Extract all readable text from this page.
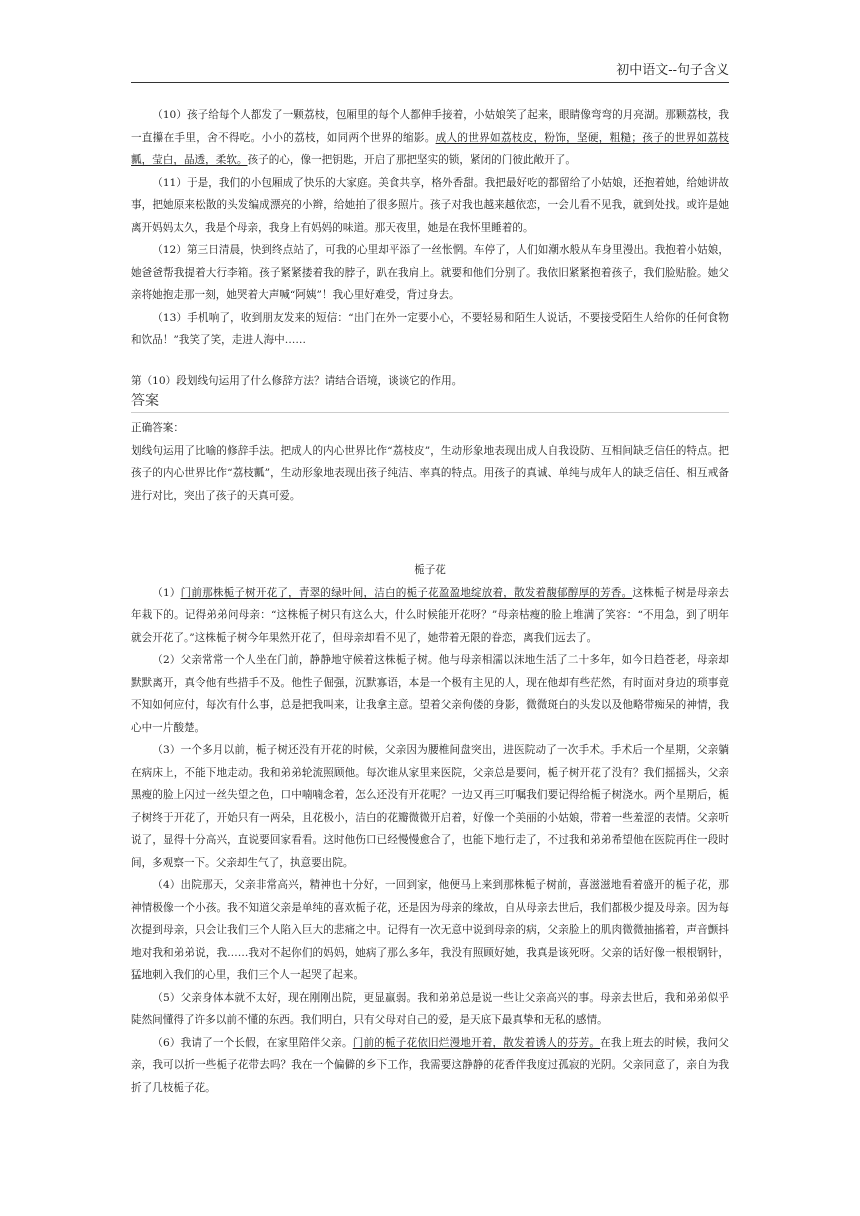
初中语文--句子含义

（10）孩子给每个人都发了一颗荔枝，包厢里的每个人都伸手接着，小姑娘笑了起来，眼睛像弯弯的月亮湖。那颗荔枝，我一直攥在手里，舍不得吃。小小的荔枝，如同两个世界的缩影。成人的世界如荔枝皮，粉饰，坚硬，粗糙；孩子的世界如荔枝瓤，莹白，晶透，柔软。孩子的心，像一把钥匙，开启了那把坚实的锁，紧闭的门彼此敞开了。

（11）于是，我们的小包厢成了快乐的大家庭。美食共享，格外香甜。我把最好吃的都留给了小姑娘，还抱着她，给她讲故事，把她原来松散的头发编成漂亮的小辫，给她拍了很多照片。孩子对我也越来越依恋，一会儿看不见我，就到处找。或许是她离开妈妈太久，我是个母亲，我身上有妈妈的味道。那天夜里，她是在我怀里睡着的。

（12）第三日清晨，快到终点站了，可我的心里却平添了一丝怅惘。车停了，人们如潮水般从车身里漫出。我抱着小姑娘，她爸爸帮我提着大行李箱。孩子紧紧搂着我的脖子，趴在我肩上。就要和他们分别了。我依旧紧紧抱着孩子，我们脸贴脸。她父亲将她抱走那一刻，她哭着大声喊“阿姨”！我心里好难受，背过身去。

（13）手机响了，收到朋友发来的短信：“出门在外一定要小心，不要轻易和陌生人说话，不要接受陌生人给你的任何食物和饮品！”我笑了笑，走进人海中……

第（10）段划线句运用了什么修辞方法？请结合语境，谈谈它的作用。

答案

正确答案：

划线句运用了比喻的修辞手法。把成人的内心世界比作“荔枝皮”，生动形象地表现出成人自我设防、互相间缺乏信任的特点。把孩子的内心世界比作“荔枝瓤”，生动形象地表现出孩子纯洁、率真的特点。用孩子的真诚、单纯与成年人的缺乏信任、相互戒备进行对比，突出了孩子的天真可爱。

栀子花

（1）门前那株栀子树开花了，青翠的绿叶间，洁白的栀子花盈盈地绽放着，散发着馥郁醇厚的芳香。这株栀子树是母亲去年栽下的。记得弟弟问母亲：“这株栀子树只有这么大，什么时候能开花呀？”母亲枯瘦的脸上堆满了笑容：“不用急，到了明年就会开花了。”这株栀子树今年果然开花了，但母亲却看不见了，她带着无限的眷恋，离我们远去了。

（2）父亲常常一个人坐在门前，静静地守候着这株栀子树。他与母亲相濡以沫地生活了二十多年，如今日趋苍老，母亲却默默离开，真令他有些措手不及。他性子倔强，沉默寡语，本是一个极有主见的人，现在他却有些茫然，有时面对身边的琐事竟不知如何应付，每次有什么事，总是把我叫来，让我拿主意。望着父亲佝偻的身影，微微斑白的头发以及他略带痴呆的神情，我心中一片酸楚。

（3）一个多月以前，栀子树还没有开花的时候，父亲因为腰椎间盘突出，进医院动了一次手术。手术后一个星期，父亲躺在病床上，不能下地走动。我和弟弟轮流照顾他。每次谁从家里来医院，父亲总是要问，栀子树开花了没有？我们摇摇头，父亲黑瘦的脸上闪过一丝失望之色，口中喃喃念着，怎么还没有开花呢？一边又再三叮嘱我们要记得给栀子树浇水。两个星期后，栀子树终于开花了，开始只有一两朵，且花极小，洁白的花瓣微微开启着，好像一个美丽的小姑娘，带着一些羞涩的表情。父亲听说了，显得十分高兴，直说要回家看看。这时他伤口已经慢慢愈合了，也能下地行走了，不过我和弟弟希望他在医院再住一段时间，多观察一下。父亲却生气了，执意要出院。

（4）出院那天，父亲非常高兴，精神也十分好，一回到家，他便马上来到那株栀子树前，喜滋滋地看着盛开的栀子花，那神情极像一个小孩。我不知道父亲是单纯的喜欢栀子花，还是因为母亲的缘故，自从母亲去世后，我们都极少提及母亲。因为每次提到母亲，只会让我们三个人陷入巨大的悲痛之中。记得有一次无意中说到母亲的病，父亲脸上的肌肉微微抽搐着，声音颤抖地对我和弟弟说，我……我对不起你们的妈妈，她病了那么多年，我没有照顾好她，我真是该死呀。父亲的话好像一根根钢针，猛地刺入我们的心里，我们三个人一起哭了起来。

（5）父亲身体本就不太好，现在刚刚出院，更显羸弱。我和弟弟总是说一些让父亲高兴的事。母亲去世后，我和弟弟似乎陡然间懂得了许多以前不懂的东西。我们明白，只有父母对自己的爱，是天底下最真挚和无私的感情。

（6）我请了一个长假，在家里陪伴父亲。门前的栀子花依旧烂漫地开着，散发着诱人的芬芳。在我上班去的时候，我问父亲，我可以折一些栀子花带去吗？我在一个偏僻的乡下工作，我需要这静静的花香伴我度过孤寂的光阴。父亲同意了，亲自为我折了几枝栀子花。
